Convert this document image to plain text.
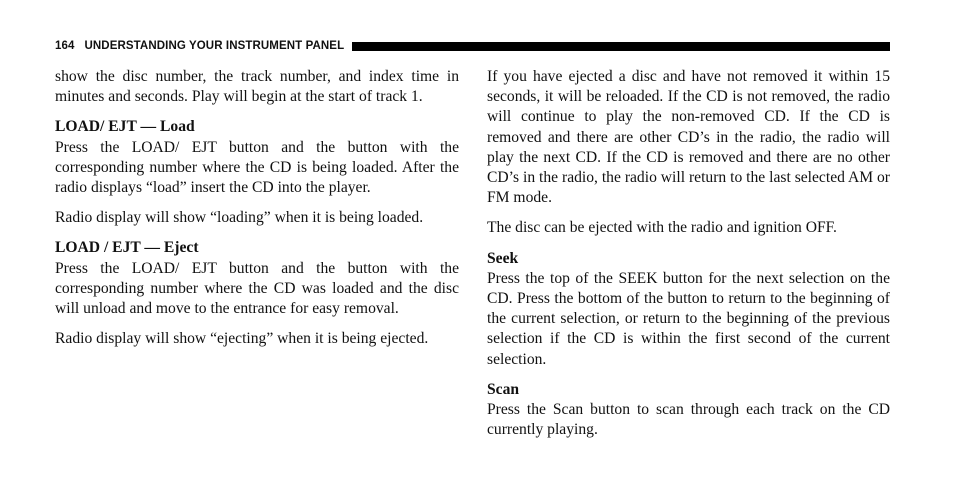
164 UNDERSTANDING YOUR INSTRUMENT PANEL

show the disc number, the track number, and index time in minutes and seconds. Play will begin at the start of track 1.

LOAD/ EJT — Load

Press the LOAD/ EJT button and the button with the corresponding number where the CD is being loaded. After the radio displays “load” insert the CD into the player.

Radio display will show “loading” when it is being loaded.

LOAD / EJT — Eject

Press the LOAD/ EJT button and the button with the corresponding number where the CD was loaded and the disc will unload and move to the entrance for easy removal.

Radio display will show “ejecting” when it is being ejected.

If you have ejected a disc and have not removed it within 15 seconds, it will be reloaded. If the CD is not removed, the radio will continue to play the non-removed CD. If the CD is removed and there are other CD’s in the radio, the radio will play the next CD. If the CD is removed and there are no other CD’s in the radio, the radio will return to the last selected AM or FM mode.

The disc can be ejected with the radio and ignition OFF.

Seek

Press the top of the SEEK button for the next selection on the CD. Press the bottom of the button to return to the beginning of the current selection, or return to the beginning of the previous selection if the CD is within the first second of the current selection.

Scan

Press the Scan button to scan through each track on the CD currently playing.
